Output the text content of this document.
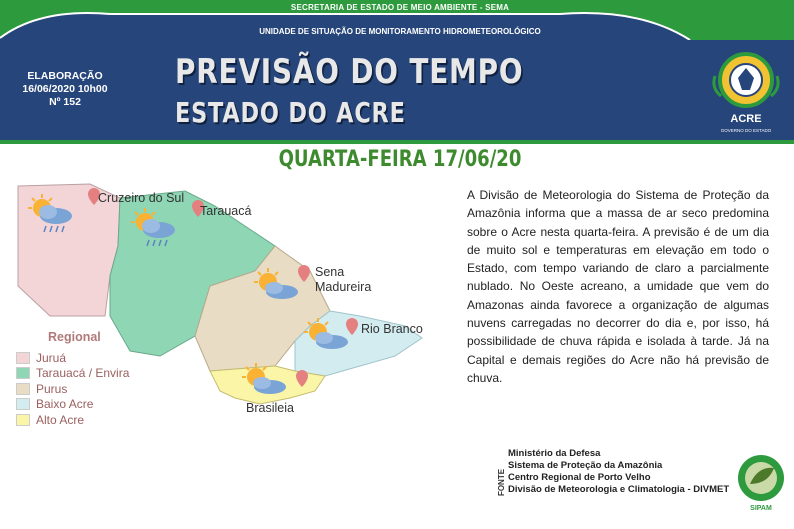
SECRETARIA DE ESTADO DE MEIO AMBIENTE - SEMA
UNIDADE DE SITUAÇÃO DE MONITORAMENTO HIDROMETEOROLÓGICO
ELABORAÇÃO
16/06/2020 10h00
Nº 152
PREVISÃO DO TEMPO
ESTADO DO ACRE	ACRE
GOVERNO DO ESTADO
QUARTA-FEIRA 17/06/20
Cruzeiro do Sul
Tarauacá
Sena Madureira
Rio Branco
Brasileia
Regional
Juruá
Tarauacá / Envira
Purus
Baixo Acre
Alto Acre
A Divisão de Meteorologia do Sistema de Proteção da Amazônia informa que a massa de ar seco predomina sobre o Acre nesta quarta-feira. A previsão é de um dia de muito sol e temperaturas em elevação em todo o Estado, com tempo variando de claro a parcialmente nublado. No Oeste acreano, a umidade que vem do Amazonas ainda favorece a organização de algumas nuvens carregadas no decorrer do dia e, por isso, há possibilidade de chuva rápida e isolada à tarde. Já na Capital e demais regiões do Acre não há previsão de chuva.
FONTE
Ministério da Defesa
Sistema de Proteção da Amazônia
Centro Regional de Porto Velho
Divisão de Meteorologia e Climatologia - DIVMET
SIPAM
